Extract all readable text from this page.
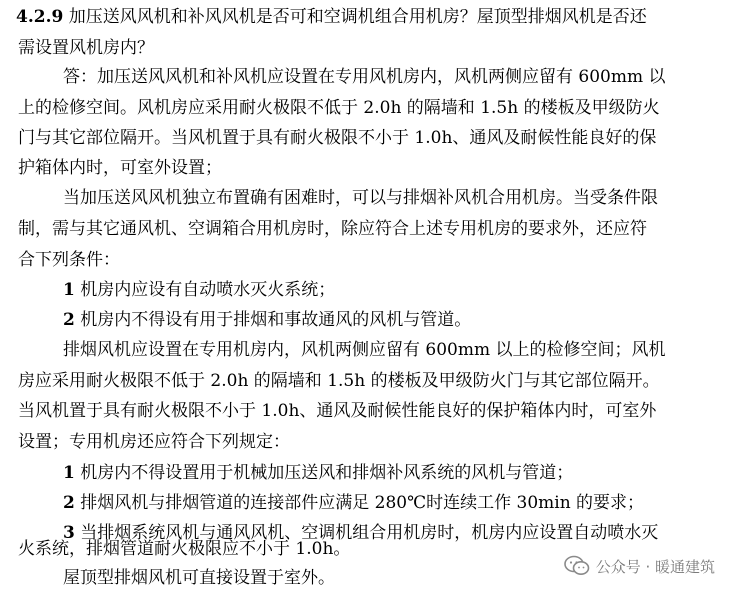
4.2.9 加压送风风机和补风风机是否可和空调机组合用机房？屋顶型排烟风机是否还
需设置风机房内？
答：加压送风风机和补风机应设置在专用风机房内，风机两侧应留有 600mm 以
上的检修空间。风机房应采用耐火极限不低于 2.0h 的隔墙和 1.5h 的楼板及甲级防火
门与其它部位隔开。当风机置于具有耐火极限不小于 1.0h、通风及耐候性能良好的保
护箱体内时，可室外设置；
当加压送风风机独立布置确有困难时，可以与排烟补风机合用机房。当受条件限
制，需与其它通风机、空调箱合用机房时，除应符合上述专用机房的要求外，还应符
合下列条件：
1 机房内应设有自动喷水灭火系统；
2 机房内不得设有用于排烟和事故通风的风机与管道。
排烟风机应设置在专用机房内，风机两侧应留有 600mm 以上的检修空间；风机
房应采用耐火极限不低于 2.0h 的隔墙和 1.5h 的楼板及甲级防火门与其它部位隔开。
当风机置于具有耐火极限不小于 1.0h、通风及耐候性能良好的保护箱体内时，可室外
设置；专用机房还应符合下列规定：
1 机房内不得设置用于机械加压送风和排烟补风系统的风机与管道；
2 排烟风机与排烟管道的连接部件应满足 280℃时连续工作 30min 的要求；
3 当排烟系统风机与通风风机、空调机组合用机房时，机房内应设置自动喷水灭
火系统，排烟管道耐火极限应不小于 1.0h。
屋顶型排烟风机可直接设置于室外。
公众号 · 暖通建筑
